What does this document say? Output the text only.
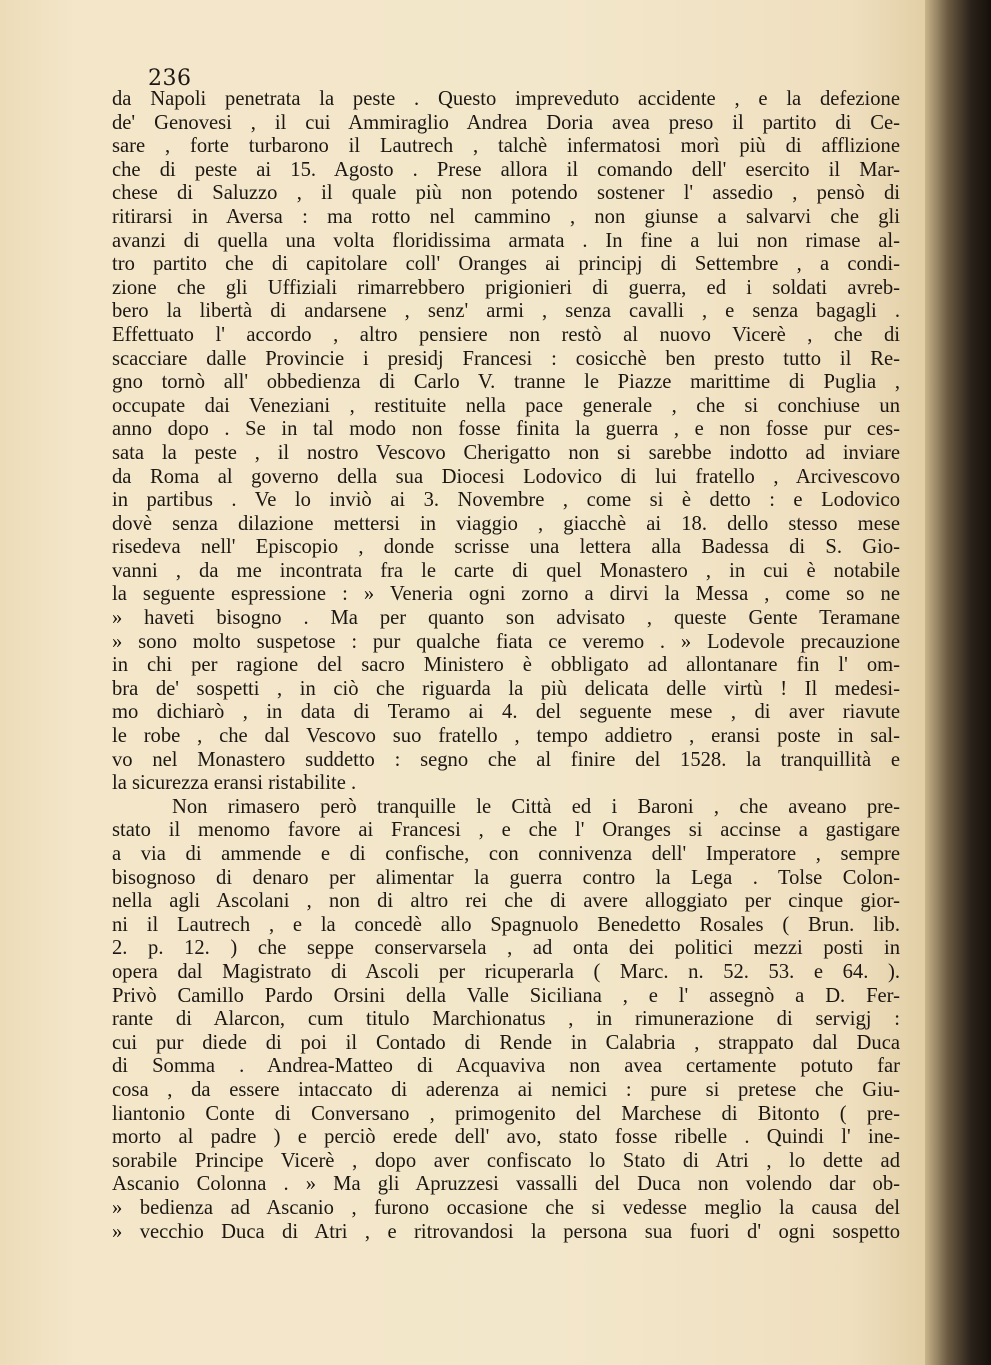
236
da Napoli penetrata la peste . Questo impreveduto accidente , e la defezione
de' Genovesi , il cui Ammiraglio Andrea Doria avea preso il partito di Ce-
sare , forte turbarono il Lautrech , talchè infermatosi morì più di afflizione
che di peste ai 15. Agosto . Prese allora il comando dell' esercito il Mar-
chese di Saluzzo , il quale più non potendo sostener l' assedio , pensò di
ritirarsi in Aversa : ma rotto nel cammino , non giunse a salvarvi che gli
avanzi di quella una volta floridissima armata . In fine a lui non rimase al-
tro partito che di capitolare coll' Oranges ai principj di Settembre , a condi-
zione che gli Uffiziali rimarrebbero prigionieri di guerra, ed i soldati avreb-
bero la libertà di andarsene , senz' armi , senza cavalli , e senza bagagli .
Effettuato l' accordo , altro pensiere non restò al nuovo Vicerè , che di
scacciare dalle Provincie i presidj Francesi : cosicchè ben presto tutto il Re-
gno tornò all' obbedienza di Carlo V. tranne le Piazze marittime di Puglia ,
occupate dai Veneziani , restituite nella pace generale , che si conchiuse un
anno dopo . Se in tal modo non fosse finita la guerra , e non fosse pur ces-
sata la peste , il nostro Vescovo Cherigatto non si sarebbe indotto ad inviare
da Roma al governo della sua Diocesi Lodovico di lui fratello , Arcivescovo
in partibus . Ve lo inviò ai 3. Novembre , come si è detto : e Lodovico
dovè senza dilazione mettersi in viaggio , giacchè ai 18. dello stesso mese
risedeva nell' Episcopio , donde scrisse una lettera alla Badessa di S. Gio-
vanni , da me incontrata fra le carte di quel Monastero , in cui è notabile
la seguente espressione : » Veneria ogni zorno a dirvi la Messa , come so ne
» haveti bisogno . Ma per quanto son advisato , queste Gente Teramane
» sono molto suspetose : pur qualche fiata ce veremo . » Lodevole precauzione
in chi per ragione del sacro Ministero è obbligato ad allontanare fin l' om-
bra de' sospetti , in ciò che riguarda la più delicata delle virtù ! Il medesi-
mo dichiarò , in data di Teramo ai 4. del seguente mese , di aver riavute
le robe , che dal Vescovo suo fratello , tempo addietro , eransi poste in sal-
vo nel Monastero suddetto : segno che al finire del 1528. la tranquillità e
la sicurezza eransi ristabilite .
Non rimasero però tranquille le Città ed i Baroni , che aveano pre-
stato il menomo favore ai Francesi , e che l' Oranges si accinse a gastigare
a via di ammende e di confische, con connivenza dell' Imperatore , sempre
bisognoso di denaro per alimentar la guerra contro la Lega . Tolse Colon-
nella agli Ascolani , non di altro rei che di avere alloggiato per cinque gior-
ni il Lautrech , e la concedè allo Spagnuolo Benedetto Rosales ( Brun. lib.
2. p. 12. ) che seppe conservarsela , ad onta dei politici mezzi posti in
opera dal Magistrato di Ascoli per ricuperarla ( Marc. n. 52. 53. e 64. ).
Privò Camillo Pardo Orsini della Valle Siciliana , e l' assegnò a D. Fer-
rante di Alarcon, cum titulo Marchionatus , in rimunerazione di servigj :
cui pur diede di poi il Contado di Rende in Calabria , strappato dal Duca
di Somma . Andrea-Matteo di Acquaviva non avea certamente potuto far
cosa , da essere intaccato di aderenza ai nemici : pure si pretese che Giu-
liantonio Conte di Conversano , primogenito del Marchese di Bitonto ( pre-
morto al padre ) e perciò erede dell' avo, stato fosse ribelle . Quindi l' ine-
sorabile Principe Vicerè , dopo aver confiscato lo Stato di Atri , lo dette ad
Ascanio Colonna . » Ma gli Apruzzesi vassalli del Duca non volendo dar ob-
» bedienza ad Ascanio , furono occasione che si vedesse meglio la causa del
» vecchio Duca di Atri , e ritrovandosi la persona sua fuori d' ogni sospetto
